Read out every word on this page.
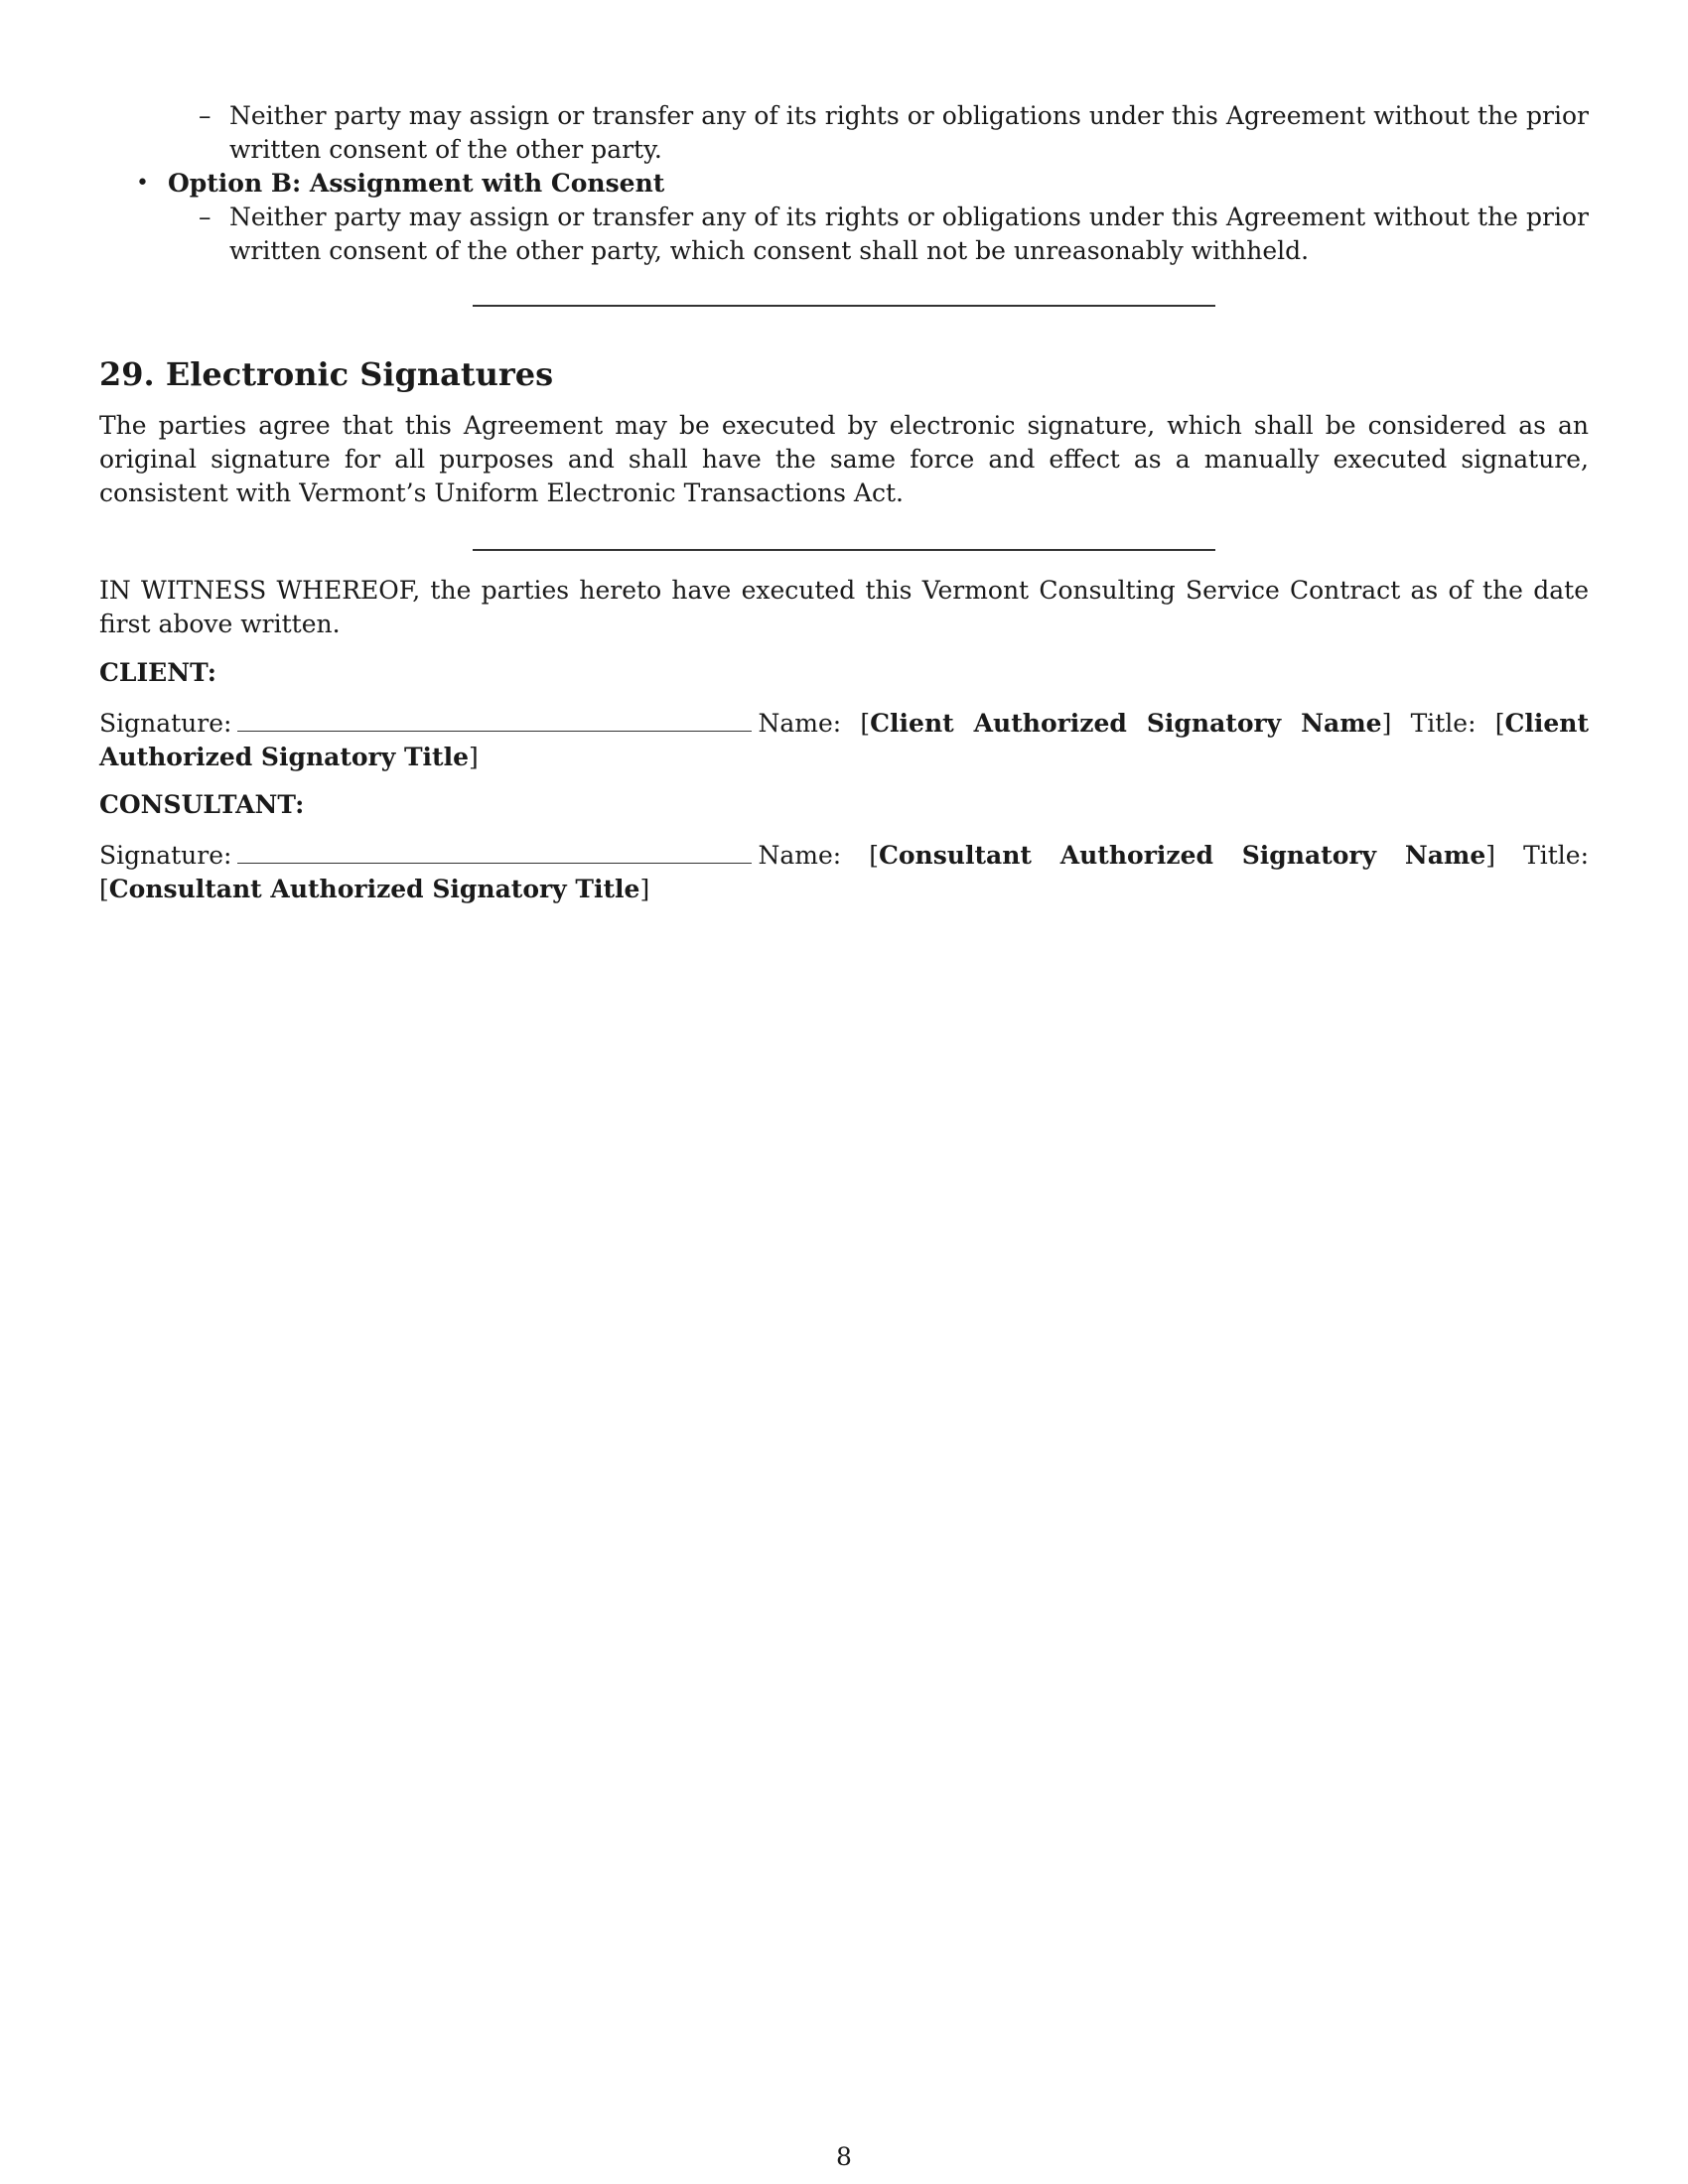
– Neither party may assign or transfer any of its rights or obligations under this Agreement without the prior written consent of the other party.
• Option B: Assignment with Consent
– Neither party may assign or transfer any of its rights or obligations under this Agreement without the prior written consent of the other party, which consent shall not be unreasonably withheld.
29. Electronic Signatures
The parties agree that this Agreement may be executed by electronic signature, which shall be considered as an original signature for all purposes and shall have the same force and effect as a manually executed signature, consistent with Vermont’s Uniform Electronic Transactions Act.
IN WITNESS WHEREOF, the parties hereto have executed this Vermont Consulting Service Contract as of the date first above written.
CLIENT:
Signature:	Name: [Client Authorized Signatory Name] Title: [Client Authorized Signatory Title]
CONSULTANT:
Signature:	Name: [Consultant Authorized Signatory Name] Title: [Consultant Authorized Signatory Title]
8
